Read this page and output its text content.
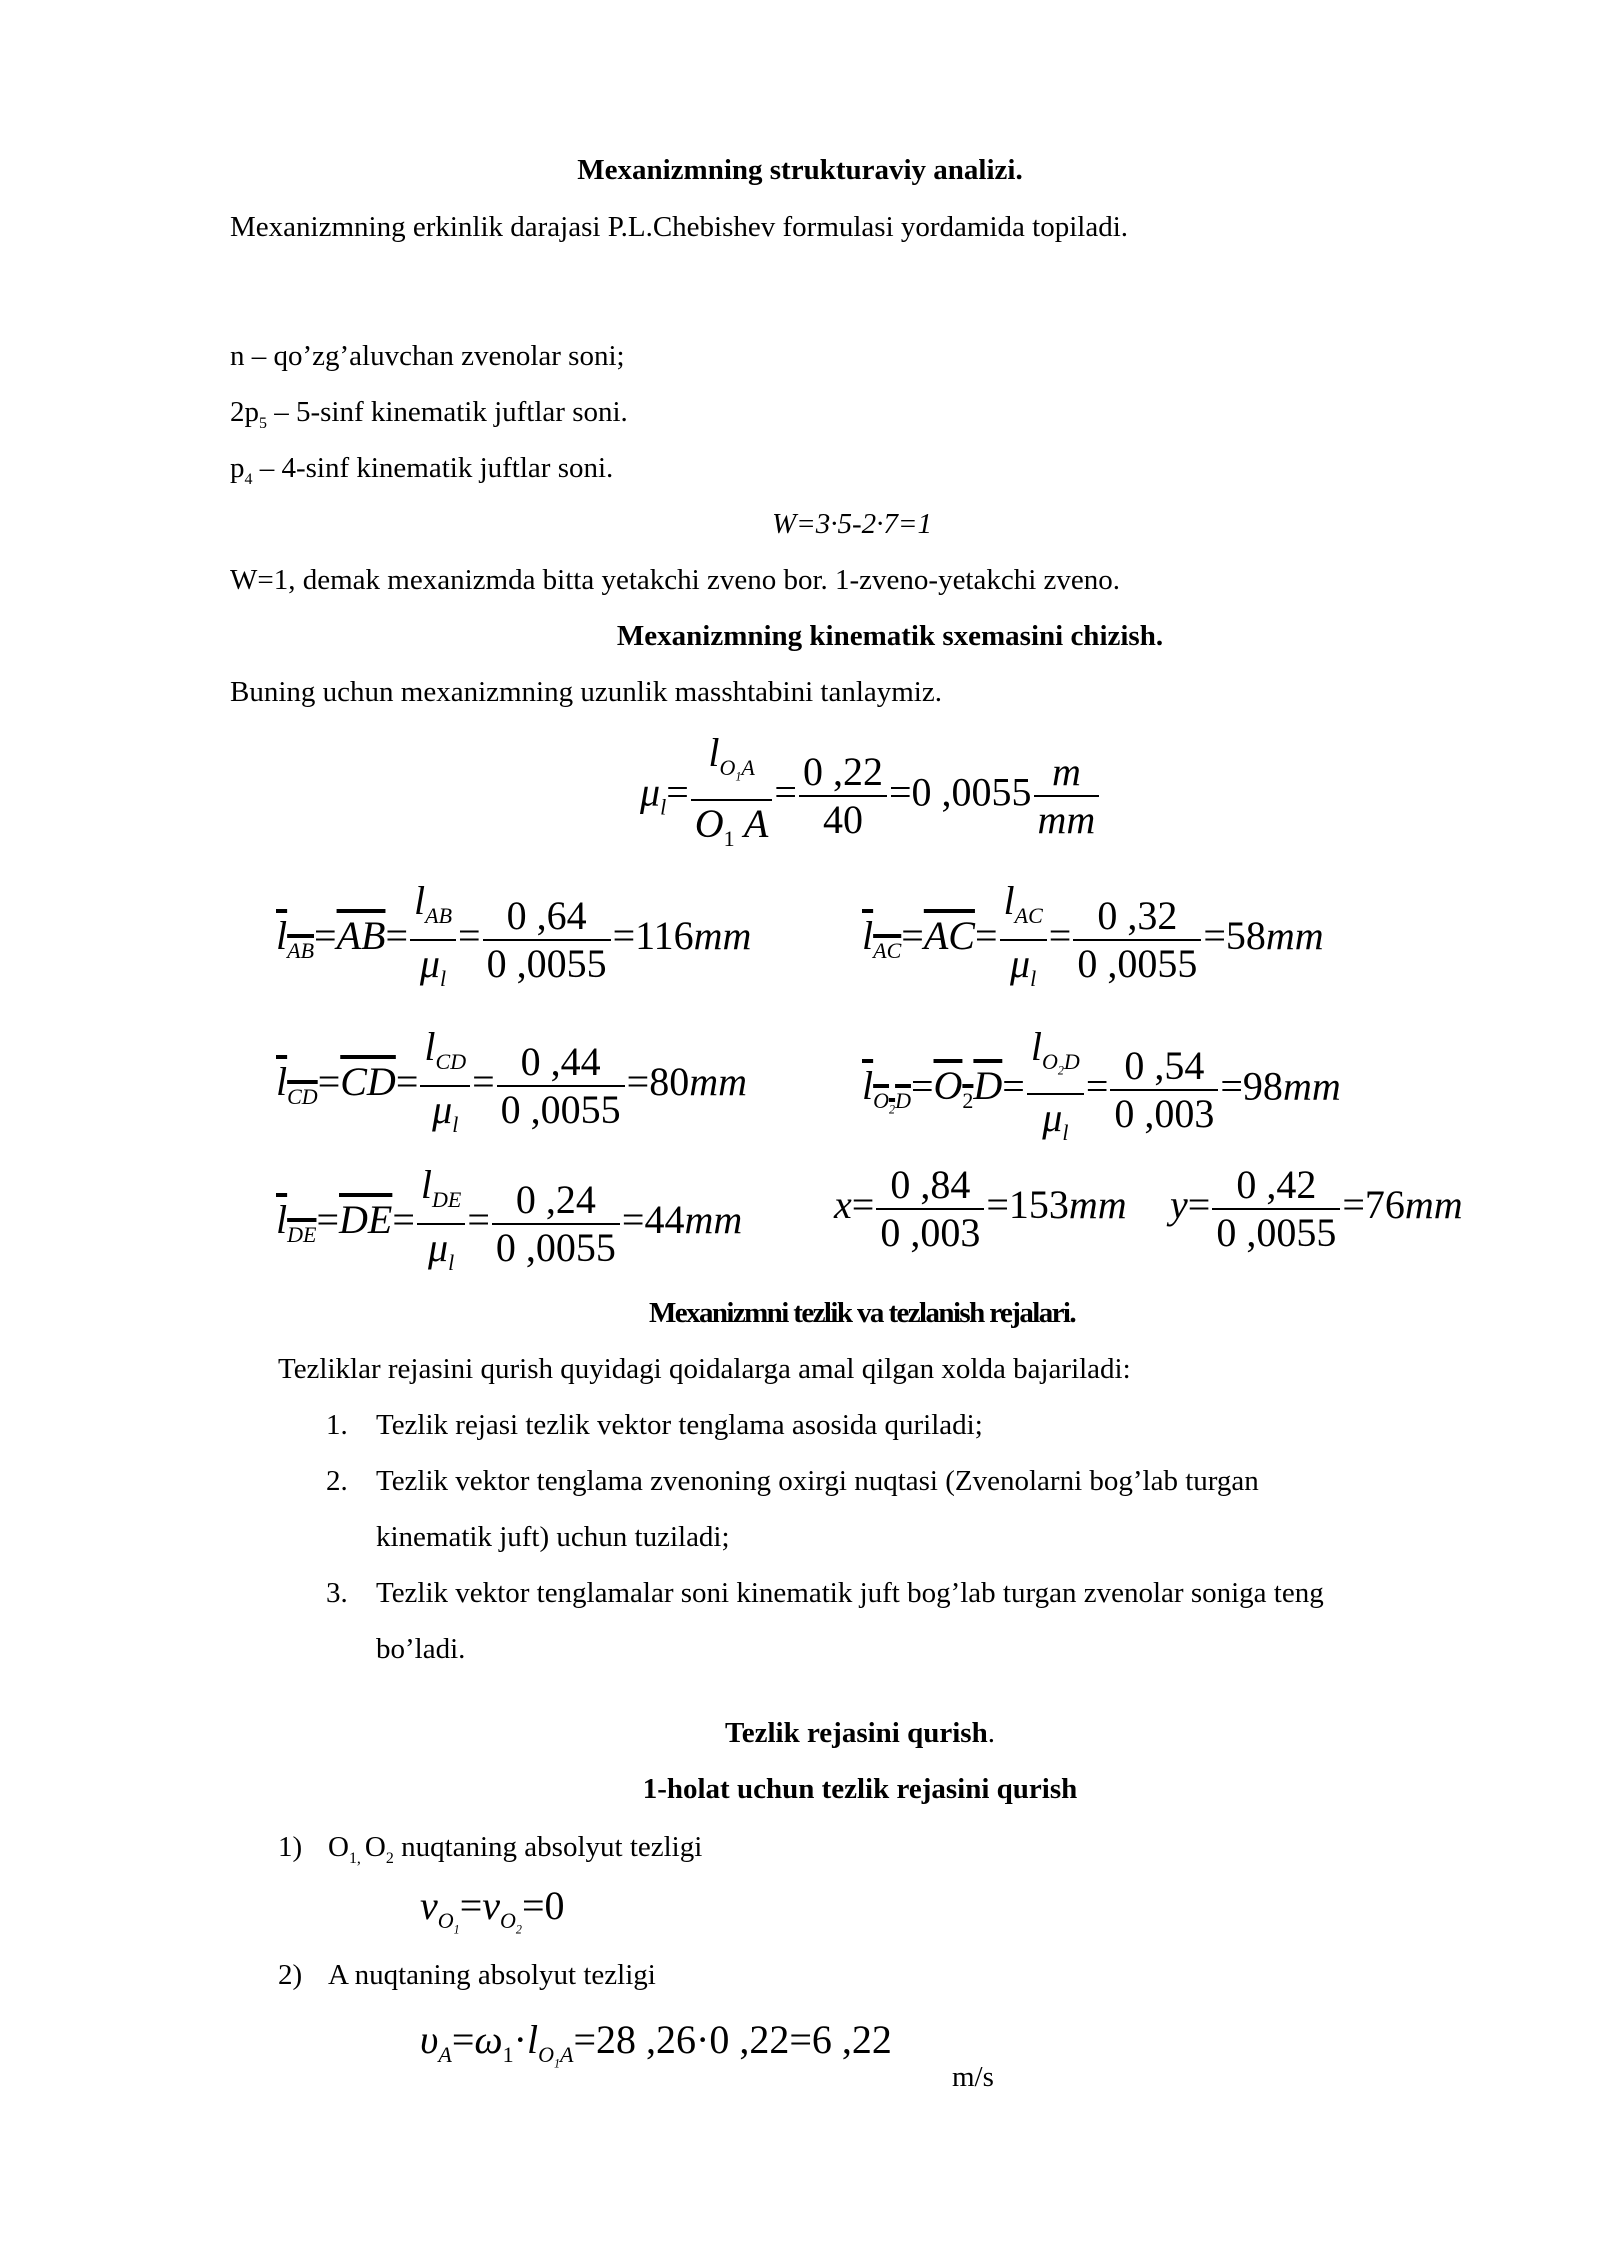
Mexanizmning strukturaviy analizi.
Mexanizmning erkinlik darajasi P.L.Chebishev formulasi yordamida topiladi.
n – qo’zg’aluvchan zvenolar soni;
$2p_5 - 5-\sin f$ kinematik juftlar soni.
$p_4 - 4-\sin f$ kinematik juftlar soni.
W=3·5-2·7=1
W=1, demak mexanizmda bitta yetakchi zveno bor. 1-zveno-yetakchi zveno.
Mexanizmning kinematik sxemasini chizish.
Buning uchun mexanizmning uzunlik masshtabini tanlaymiz.
$\mu_l= \frac{l_{O_1A}}{O_1 A} = \frac{0 ,22}{40} =0$ $,0055 \frac{m}{mm}$
$l_{AB}=\overline{AB}= \frac{l_{AB}}{\mu_l} = \frac{0 ,64}{0 ,0055} =116mm$	$l_{AC}=\overline{AC}= \frac{l_{AC}}{\mu_l} = \frac{0 ,32}{0 ,0055} =58mm$
$l_{CD}=\overline{CD}= \frac{l_{CD}}{\mu_l} = \frac{0 ,44}{0 ,0055} =80mm$	$l_{O_2D}=O_2D= \frac{l_{O_2D}}{\mu_l} = \frac{0 ,54}{0 ,003} =98mm$
$l_{DE}=\overline{DE}= \frac{l_{DE}}{\mu_l} = \frac{0 ,24}{0 ,0055} =44mm$ $x= \frac{0 ,84}{0 ,003} =153mm$ $y= \frac{0 ,42}{0 ,0055} =76mm$
Mexanizmni tezlik va tezlanish rejalari.
Tezliklar rejasini qurish quyidagi qoidalarga amal qilgan xolda bajariladi:
1. Tezlik rejasi tezlik vektor tenglama asosida quriladi;
2. Tezlik vektor tenglama zvenoning oxirgi nuqtasi (Zvenolarni bog’lab turgan
kinematik juft) uchun tuziladi;
3. Tezlik vektor tenglamalar soni kinematik juft bog’lab turgan zvenolar soniga teng
bo’ladi.
Tezlik rejasini qurish.
1-holat uchun tezlik rejasini qurish
1) $O_{1,}$ $O_2$ nuqtaning absolyut tezligi
$v_{O_1}=v_{O_2}=0$
2) A nuqtaning absolyut tezligi
$\upsilon_A=\omega_1\cdot l_{O_1A}=28$ ,26·0 ,22=6 ,22
m/s
